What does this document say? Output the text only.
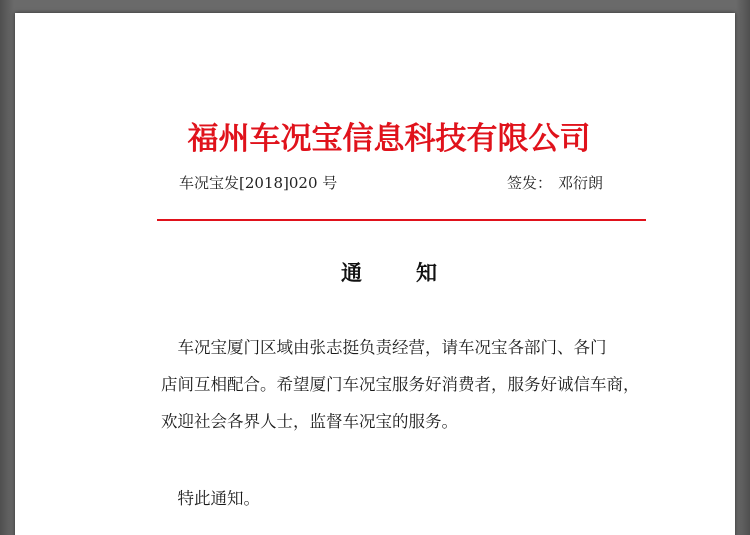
福州车况宝信息科技有限公司
车况宝发[2018]020 号	签发： 邓衍朗
通	知
　车况宝厦门区域由张志挺负责经营，请车况宝各部门、各门
店间互相配合。希望厦门车况宝服务好消费者，服务好诚信车商，
欢迎社会各界人士，监督车况宝的服务。
　特此通知。
